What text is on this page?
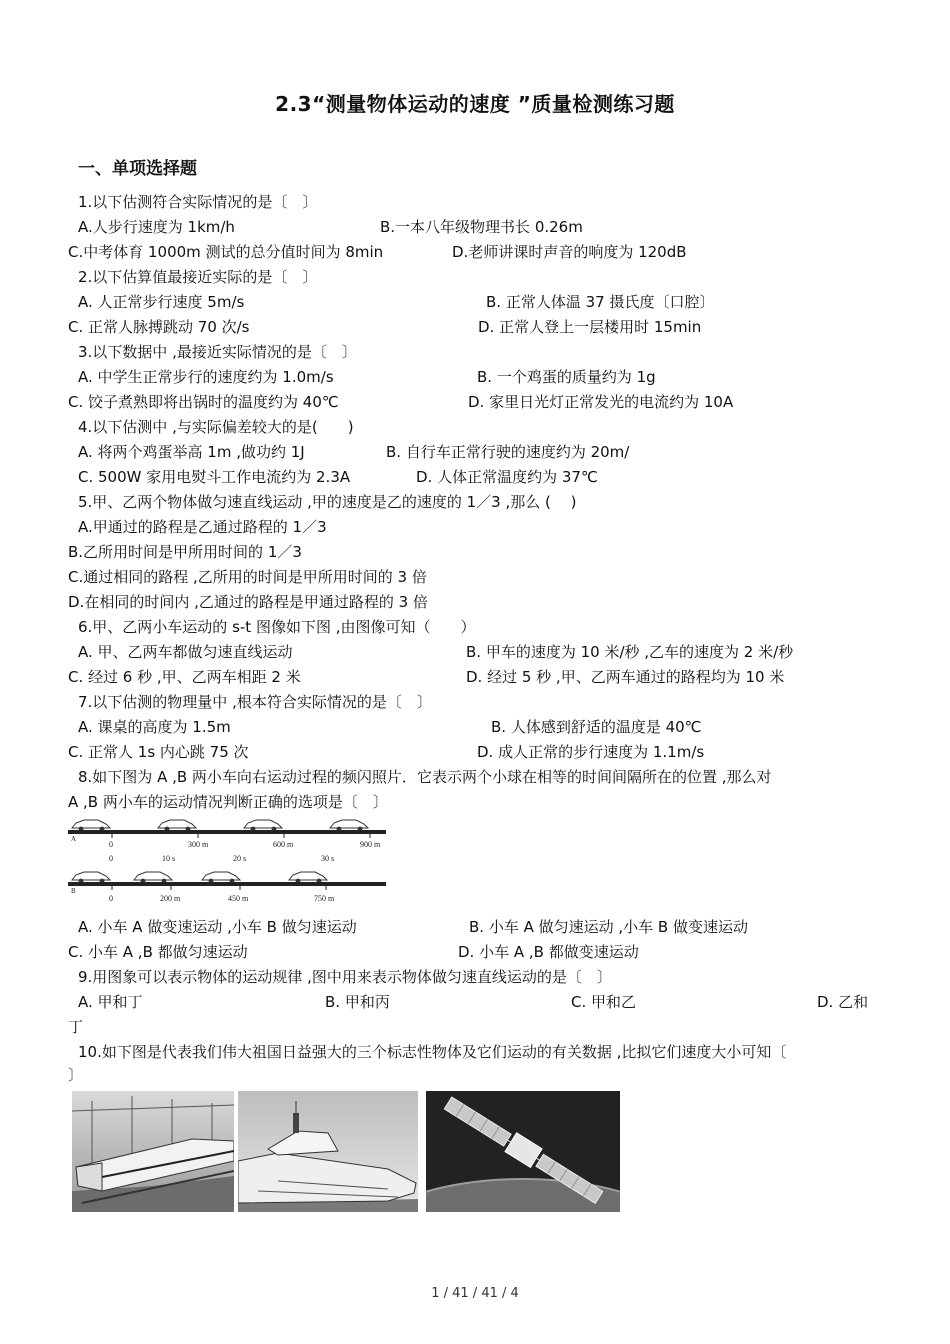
2.3“测量物体运动的速度 ”质量检测练习题
一、单项选择题
1.以下估测符合实际情况的是〔　〕
A.人步行速度为 1km/h	B.一本八年级物理书长 0.26m
C.中考体育 1000m 测试的总分值时间为 8min	D.老师讲课时声音的响度为 120dB
2.以下估算值最接近实际的是〔　〕
A. 人正常步行速度 5m/s	B. 正常人体温 37 摄氏度〔口腔〕
C. 正常人脉搏跳动 70 次/s	D. 正常人登上一层楼用时 15min
3.以下数据中 ,最接近实际情况的是〔　〕
A. 中学生正常步行的速度约为 1.0m/s	B. 一个鸡蛋的质量约为 1g
C. 饺子煮熟即将出锅时的温度约为 40℃	D. 家里日光灯正常发光的电流约为 10A
4.以下估测中 ,与实际偏差较大的是(　　)
A. 将两个鸡蛋举高 1m ,做功约 1J	B. 自行车正常行驶的速度约为 20m/
C. 500W 家用电熨斗工作电流约为 2.3A	D. 人体正常温度约为 37℃
5.甲、乙两个物体做匀速直线运动 ,甲的速度是乙的速度的 1／3 ,那么 (　 )
A.甲通过的路程是乙通过路程的 1／3
B.乙所用时间是甲所用时间的 1／3
C.通过相同的路程 ,乙所用的时间是甲所用时间的 3 倍
D.在相同的时间内 ,乙通过的路程是甲通过路程的 3 倍
6.甲、乙两小车运动的 s-t 图像如下图 ,由图像可知（　　）
A. 甲、乙两车都做匀速直线运动	B. 甲车的速度为 10 米/秒 ,乙车的速度为 2 米/秒
C. 经过 6 秒 ,甲、乙两车相距 2 米	D. 经过 5 秒 ,甲、乙两车通过的路程均为 10 米
7.以下估测的物理量中 ,根本符合实际情况的是〔　〕
A. 课桌的高度为 1.5m	B. 人体感到舒适的温度是 40℃
C. 正常人 1s 内心跳 75 次	D. 成人正常的步行速度为 1.1m/s
8.如下图为 A ,B 两小车向右运动过程的频闪照片．它表示两个小球在相等的时间间隔所在的位置 ,那么对
A ,B 两小车的运动情况判断正确的选项是〔　〕
A
0	300 m	600 m	900 m
0	10 s	20 s	30 s
B
0	200 m	450 m	750 m
A. 小车 A 做变速运动 ,小车 B 做匀速运动	B. 小车 A 做匀速运动 ,小车 B 做变速运动
C. 小车 A ,B 都做匀速运动	D. 小车 A ,B 都做变速运动
9.用图象可以表示物体的运动规律 ,图中用来表示物体做匀速直线运动的是〔　〕
A. 甲和丁	B. 甲和丙	C. 甲和乙	D. 乙和
丁
10.如下图是代表我们伟大祖国日益强大的三个标志性物体及它们运动的有关数据 ,比拟它们速度大小可知〔
〕
1 / 41 / 41 / 4
